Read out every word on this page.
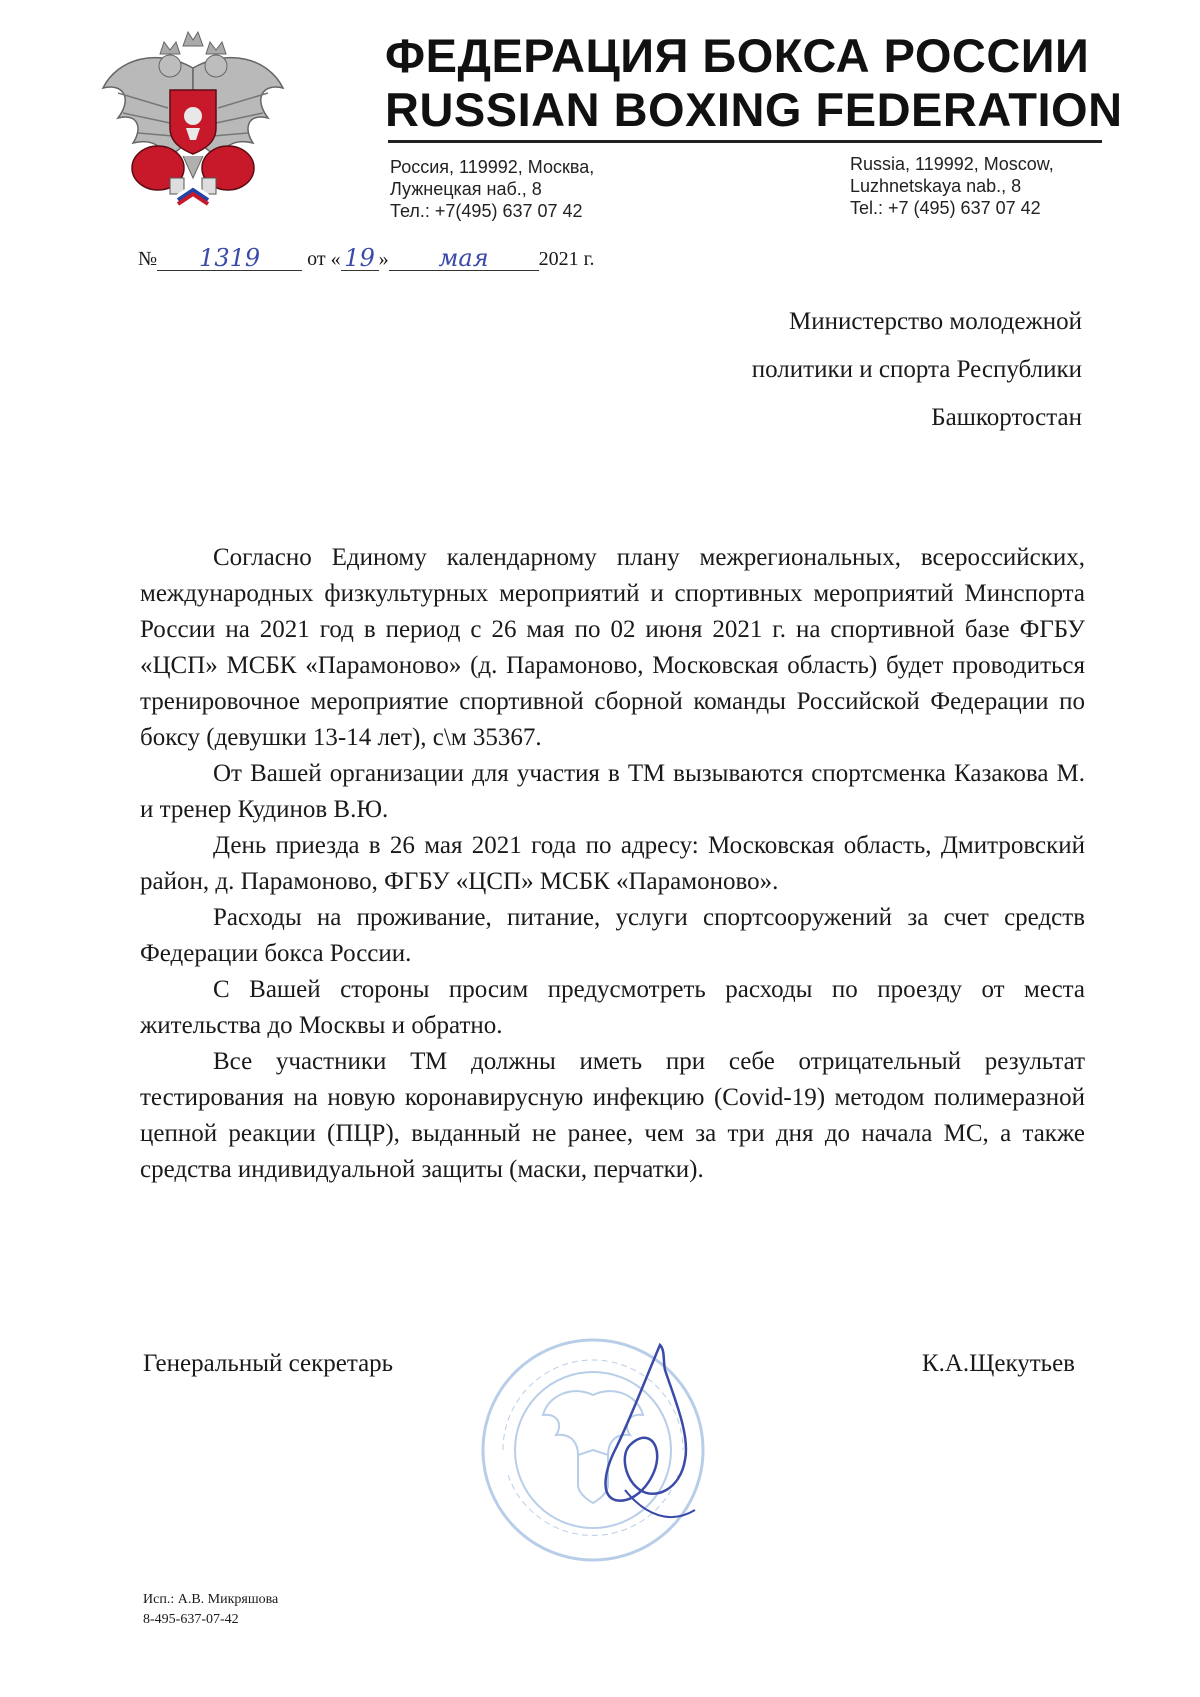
ФЕДЕРАЦИЯ БОКСА РОССИИ
RUSSIAN BOXING FEDERATION
Россия, 119992, Москва,
Лужнецкая наб., 8
Тел.: +7(495) 637 07 42
Russia, 119992, Moscow,
Luzhnetskaya nab., 8
Tel.: +7 (495) 637 07 42
№ 1319 от « 19 » мая 2021 г.
Министерство молодежной
политики и спорта Республики
Башкортостан

Согласно Единому календарному плану межрегиональных, всероссийских, международных физкультурных мероприятий и спортивных мероприятий Минспорта России на 2021 год в период с 26 мая по 02 июня 2021 г. на спортивной базе ФГБУ «ЦСП» МСБК «Парамоново» (д. Парамоново, Московская область) будет проводиться тренировочное мероприятие спортивной сборной команды Российской Федерации по боксу (девушки 13-14 лет), с\м 35367.

От Вашей организации для участия в ТМ вызываются спортсменка Казакова М. и тренер Кудинов В.Ю.

День приезда в 26 мая 2021 года по адресу: Московская область, Дмитровский район, д. Парамоново, ФГБУ «ЦСП» МСБК «Парамоново».

Расходы на проживание, питание, услуги спортсооружений за счет средств Федерации бокса России.

С Вашей стороны просим предусмотреть расходы по проезду от места жительства до Москвы и обратно.

Все участники ТМ должны иметь при себе отрицательный результат тестирования на новую коронавирусную инфекцию (Covid-19) методом полимеразной цепной реакции (ПЦР), выданный не ранее, чем за три дня до начала МС, а также средства индивидуальной защиты (маски, перчатки).

Генеральный секретарь	К.А.Щекутьев
Исп.: А.В. Микряшова
8-495-637-07-42
